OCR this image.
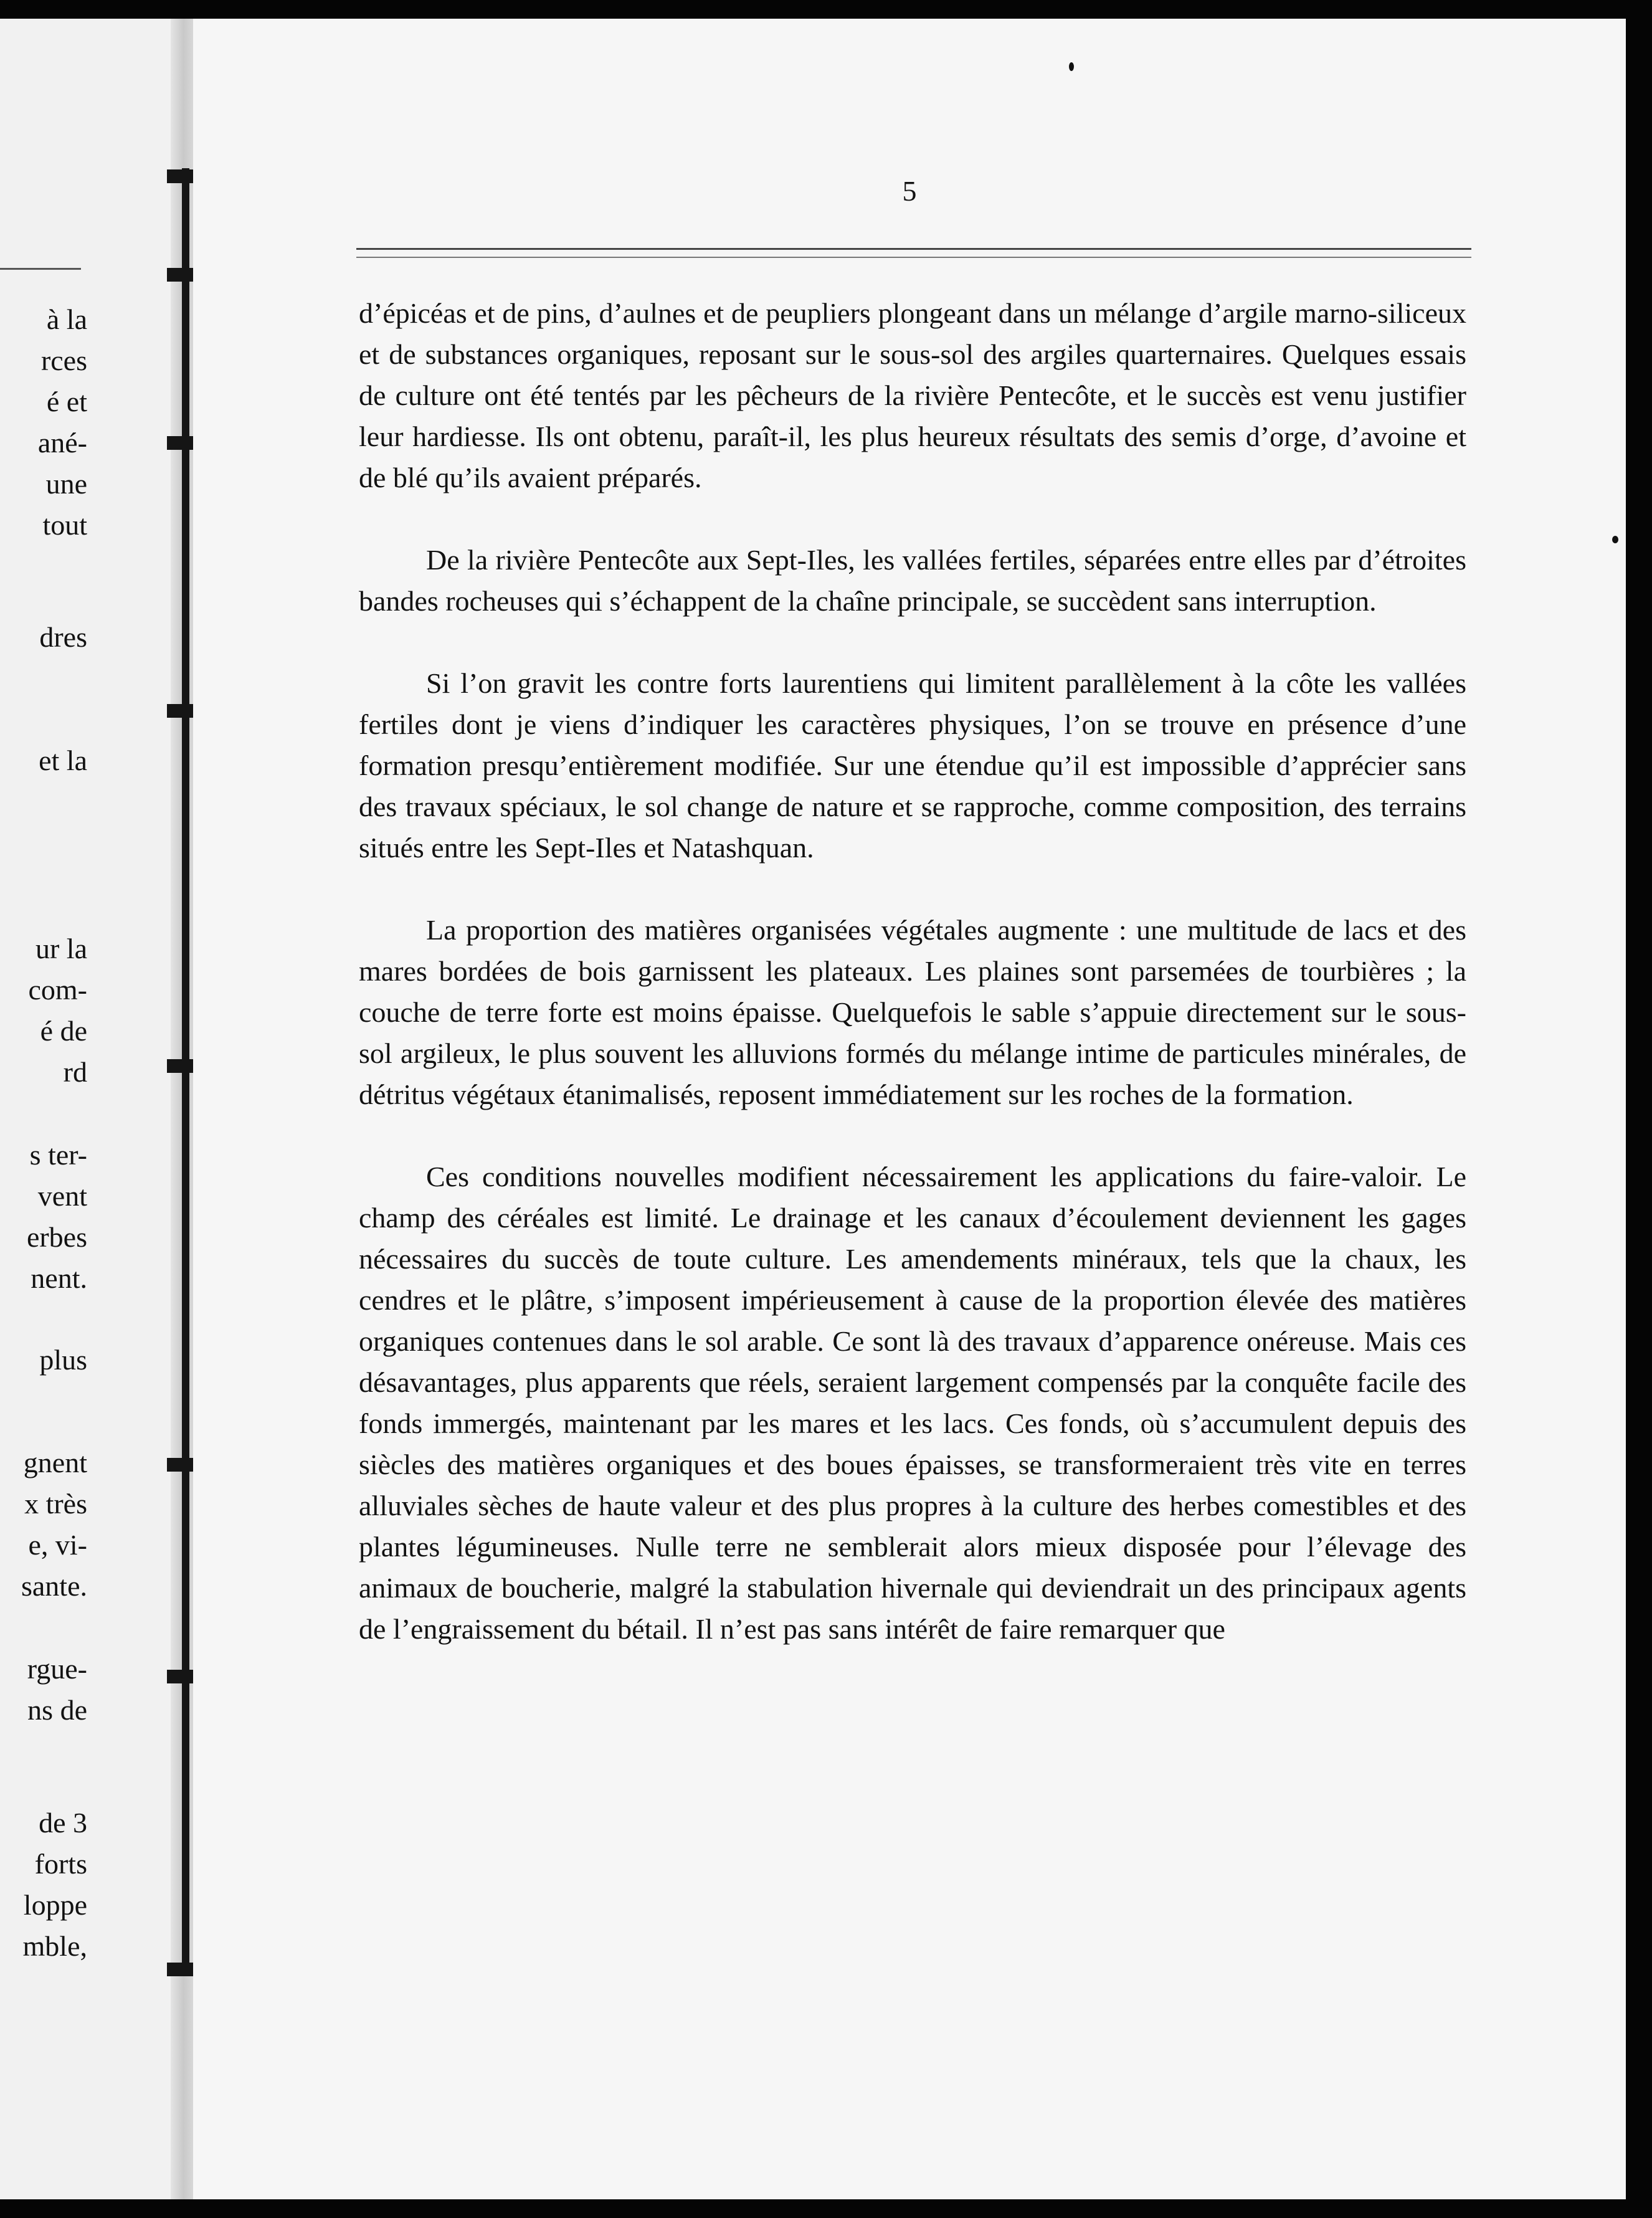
à la
rces
é et
ané-
une
tout
dres
et la
ur la
com-
é de
rd
s ter-
vent
erbes
nent.
plus
gnent
x très
e, vi-
sante.
rgue-
ns de
de 3
forts
loppe
mble,
5

d’épicéas et de pins, d’aulnes et de peupliers plongeant dans un mélange d’argile marno-siliceux et de substances organiques, reposant sur le sous-sol des argiles quarternaires. Quelques essais de culture ont été tentés par les pêcheurs de la rivière Pentecôte, et le succès est venu justifier leur hardiesse. Ils ont obtenu, paraît-il, les plus heureux résultats des semis d’orge, d’avoine et de blé qu’ils avaient préparés.

De la rivière Pentecôte aux Sept-Iles, les vallées fertiles, séparées entre elles par d’étroites bandes rocheuses qui s’échappent de la chaîne principale, se succèdent sans interruption.

Si l’on gravit les contre forts laurentiens qui limitent parallèlement à la côte les vallées fertiles dont je viens d’indiquer les caractères physiques, l’on se trouve en présence d’une formation presqu’entièrement modifiée. Sur une étendue qu’il est impossible d’apprécier sans des travaux spéciaux, le sol change de nature et se rapproche, comme composition, des terrains situés entre les Sept-Iles et Natashquan.

La proportion des matières organisées végétales augmente : une multitude de lacs et des mares bordées de bois garnissent les plateaux. Les plaines sont parsemées de tourbières ; la couche de terre forte est moins épaisse. Quelquefois le sable s’appuie directement sur le sous-sol argileux, le plus souvent les alluvions formés du mélange intime de particules minérales, de détritus végétaux étanimalisés, reposent immédiatement sur les roches de la formation.

Ces conditions nouvelles modifient nécessairement les applications du faire-valoir. Le champ des céréales est limité. Le drainage et les canaux d’écoulement deviennent les gages nécessaires du succès de toute culture. Les amendements minéraux, tels que la chaux, les cendres et le plâtre, s’imposent impérieusement à cause de la proportion élevée des matières organiques contenues dans le sol arable. Ce sont là des travaux d’apparence onéreuse. Mais ces désavantages, plus apparents que réels, seraient largement compensés par la conquête facile des fonds immergés, maintenant par les mares et les lacs. Ces fonds, où s’accumulent depuis des siècles des matières organiques et des boues épaisses, se transformeraient très vite en terres alluviales sèches de haute valeur et des plus propres à la culture des herbes comestibles et des plantes légumineuses. Nulle terre ne semblerait alors mieux disposée pour l’élevage des animaux de boucherie, malgré la stabulation hivernale qui deviendrait un des principaux agents de l’engraissement du bétail. Il n’est pas sans intérêt de faire remarquer que
